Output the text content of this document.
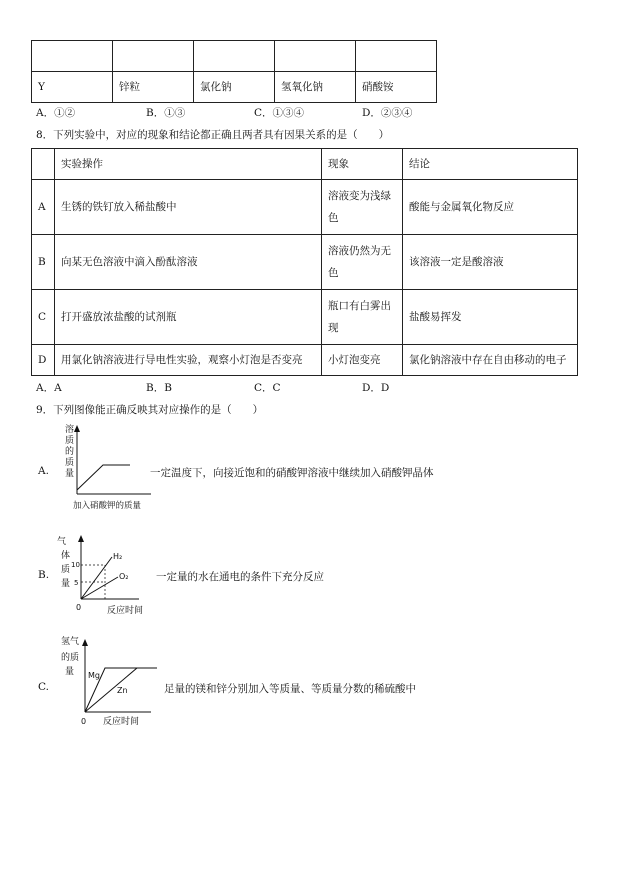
Y	锌粒	氯化钠	氢氧化钠	硝酸铵
A．①②	B．①③	C．①③④	D．②③④
8．下列实验中，对应的现象和结论都正确且两者具有因果关系的是（　　）
	实验操作	现象	结论
A	生锈的铁钉放入稀盐酸中	溶液变为浅绿
色	酸能与金属氧化物反应
B	向某无色溶液中滴入酚酞溶液	溶液仍然为无
色	该溶液一定是酸溶液
C	打开盛放浓盐酸的试剂瓶	瓶口有白雾出
现	盐酸易挥发
D	用氯化钠溶液进行导电性实验，观察小灯泡是否变亮	小灯泡变亮	氯化钠溶液中存在自由移动的电子
A．A	B．B	C．C	D．D
9．下列图像能正确反映其对应操作的是（　　）
A.
溶
质
的
质
量
加入硝酸钾的质量
一定温度下，向接近饱和的硝酸钾溶液中继续加入硝酸钾晶体
B.
气
体
质
量
10
5
H₂
O₂
0	反应时间
一定量的水在通电的条件下充分反应
C.
氢气
的质
量 Mg
Zn
0 反应时间
足量的镁和锌分别加入等质量、等质量分数的稀硫酸中
